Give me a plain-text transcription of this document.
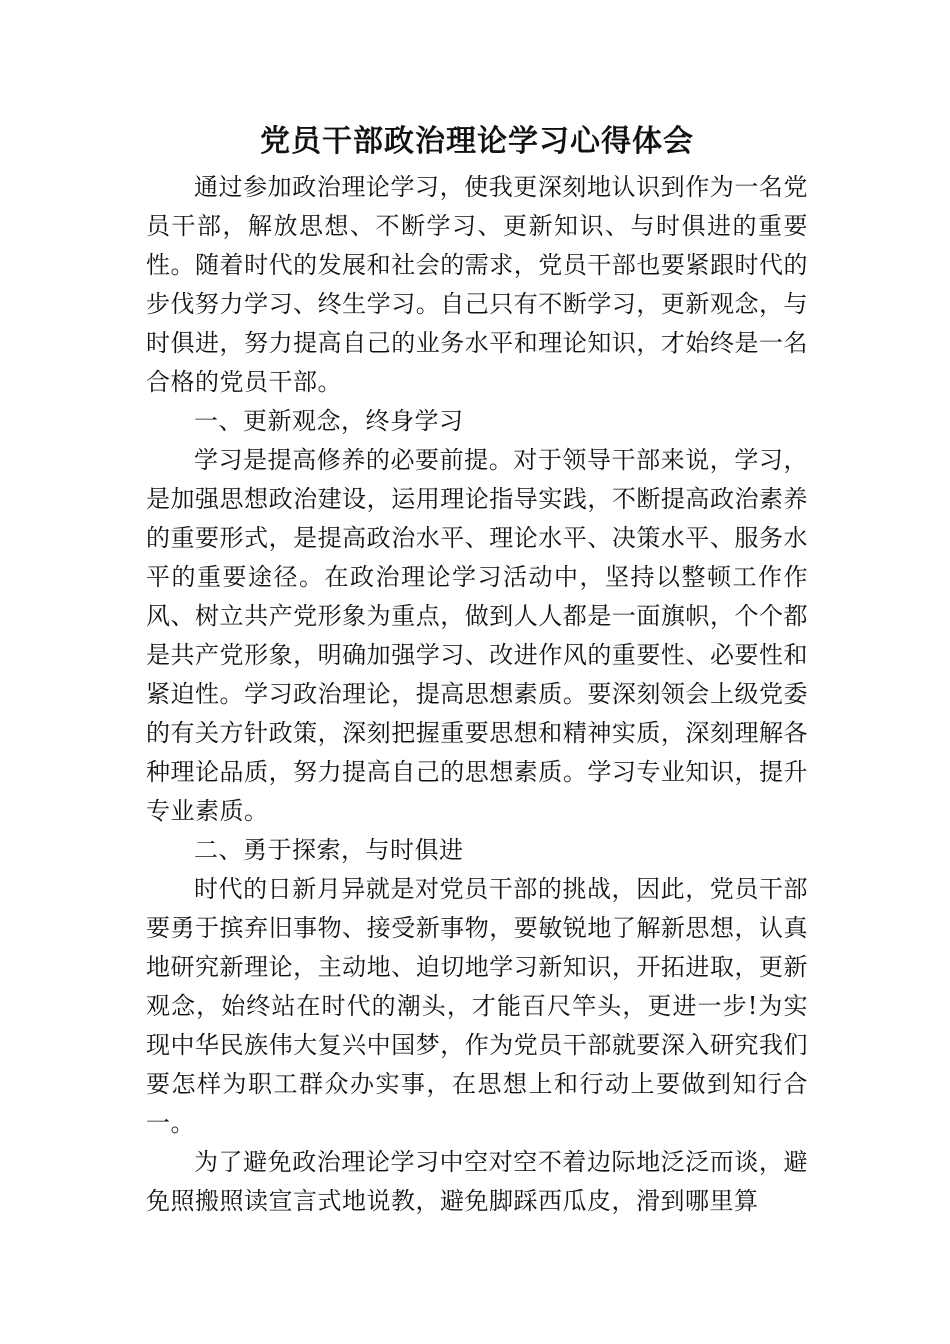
党员干部政治理论学习心得体会

通过参加政治理论学习，使我更深刻地认识到作为一名党员干部，解放思想、不断学习、更新知识、与时俱进的重要性。随着时代的发展和社会的需求，党员干部也要紧跟时代的步伐努力学习、终生学习。自己只有不断学习，更新观念，与时俱进，努力提高自己的业务水平和理论知识，才始终是一名合格的党员干部。

一、更新观念，终身学习

学习是提高修养的必要前提。对于领导干部来说，学习，是加强思想政治建设，运用理论指导实践，不断提高政治素养的重要形式，是提高政治水平、理论水平、决策水平、服务水平的重要途径。在政治理论学习活动中，坚持以整顿工作作风、树立共产党形象为重点，做到人人都是一面旗帜，个个都是共产党形象，明确加强学习、改进作风的重要性、必要性和紧迫性。学习政治理论，提高思想素质。要深刻领会上级党委的有关方针政策，深刻把握重要思想和精神实质，深刻理解各种理论品质，努力提高自己的思想素质。学习专业知识，提升专业素质。

二、勇于探索，与时俱进

时代的日新月异就是对党员干部的挑战，因此，党员干部要勇于摈弃旧事物、接受新事物，要敏锐地了解新思想，认真地研究新理论，主动地、迫切地学习新知识，开拓进取，更新观念，始终站在时代的潮头，才能百尺竿头，更进一步!为实现中华民族伟大复兴中国梦，作为党员干部就要深入研究我们要怎样为职工群众办实事，在思想上和行动上要做到知行合一。

为了避免政治理论学习中空对空不着边际地泛泛而谈，避免照搬照读宣言式地说教，避免脚踩西瓜皮，滑到哪里算
